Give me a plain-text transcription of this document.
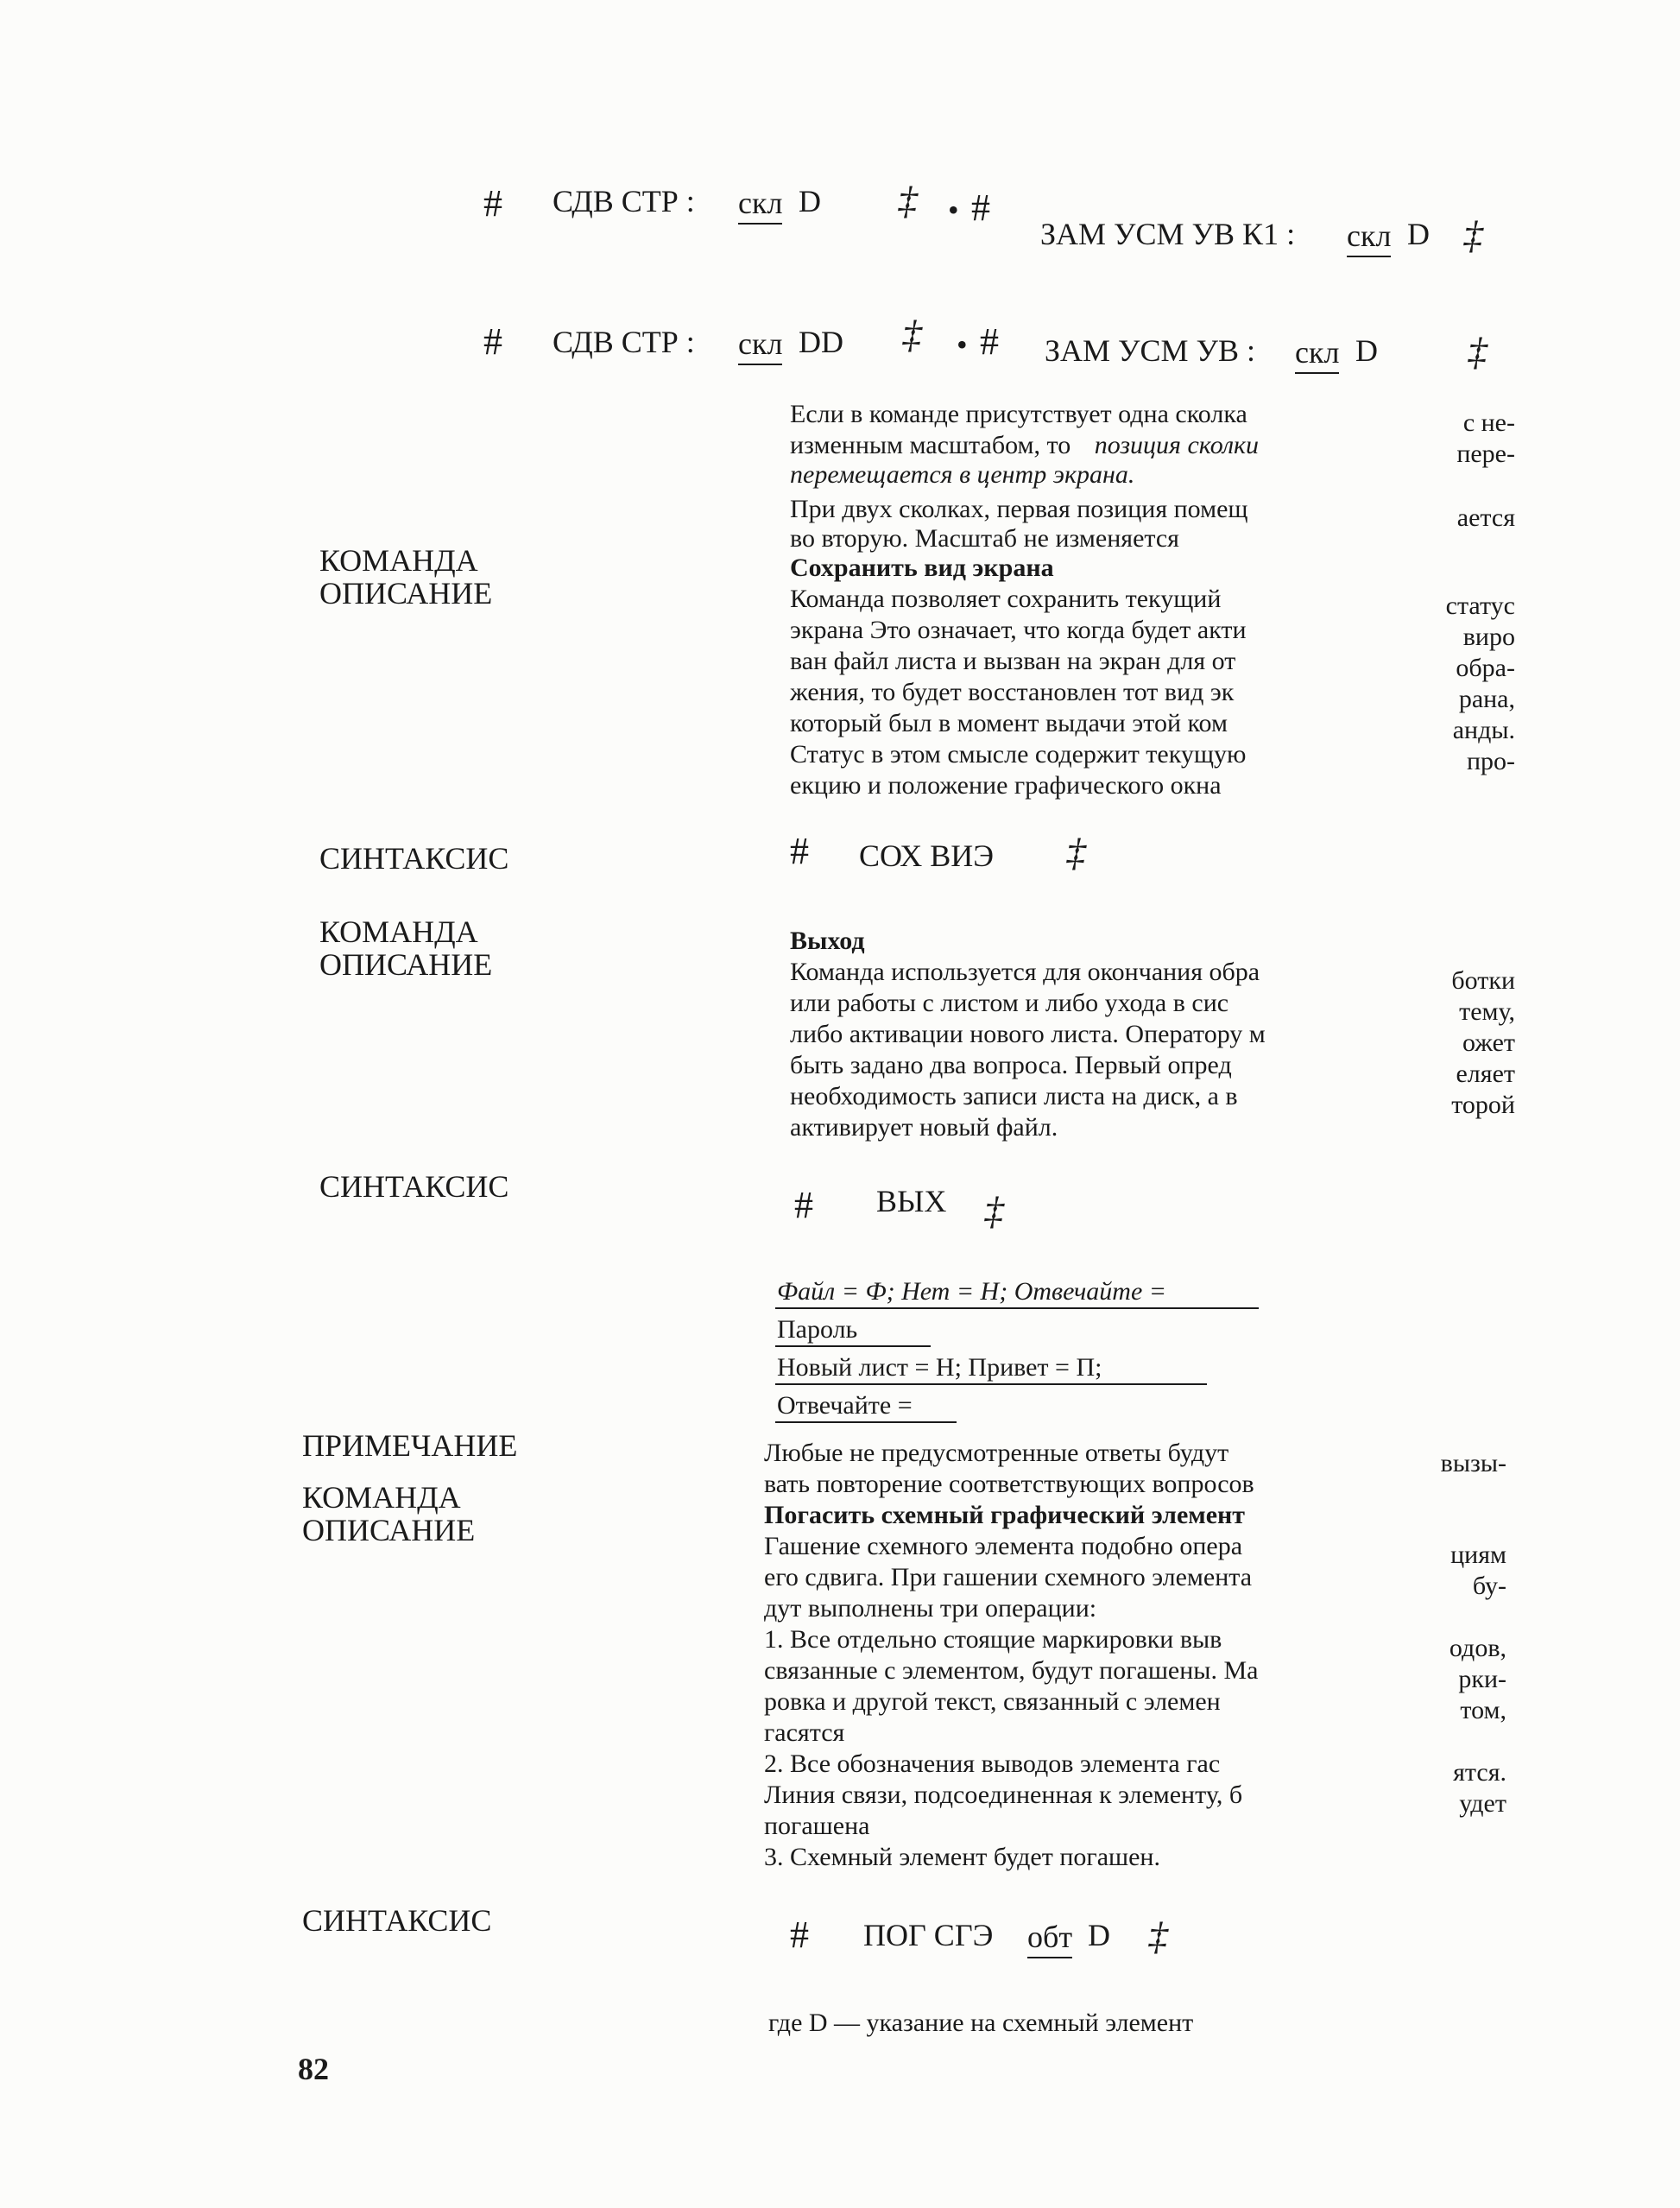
# СДВ СТР : скл D ‡ • #
ЗАМ УСМ УВ К1 : скл D ‡
# СДВ СТР : скл DD ‡ • # ЗАМ УСМ УВ : скл D ‡
Если в команде присутствует одна сколка
изменным масштабом, то позиция сколки
перемещается в центр экрана.
При двух сколках, первая позиция помещ
во вторую. Масштаб не изменяется
с не-
пере-
ается
КОМАНДА
ОПИСАНИЕ
Сохранить вид экрана
Команда позволяет сохранить текущий
экрана Это означает, что когда будет акти
ван файл листа и вызван на экран для от
жения, то будет восстановлен тот вид эк
который был в момент выдачи этой ком
Статус в этом смысле содержит текущую
екцию и положение графического окна
статус
виро
обра-
рана,
анды.
про-
СИНТАКСИС	# СОХ ВИЭ ‡
КОМАНДА
ОПИСАНИЕ
Выход
Команда используется для окончания обра
или работы с листом и либо ухода в сис
либо активации нового листа. Оператору м
быть задано два вопроса. Первый опред
необходимость записи листа на диск, а в
активирует новый файл.
ботки
тему,
ожет
еляет
торой
СИНТАКСИС	# ВЫХ ‡
Файл = Ф; Нет = Н; Отвечайте =
Пароль
Новый лист = Н; Привет = П;
Отвечайте =
ПРИМЕЧАНИЕ	Любые не предусмотренные ответы будут
вать повторение соответствующих вопросов
вызы-
КОМАНДА
ОПИСАНИЕ	Погасить схемный графический элемент
Гашение схемного элемента подобно опера
его сдвига. При гашении схемного элемента
дут выполнены три операции:
1. Все отдельно стоящие маркировки выв
связанные с элементом, будут погашены. Ма
ровка и другой текст, связанный с элемен
гасятся
2. Все обозначения выводов элемента гас
Линия связи, подсоединенная к элементу, б
погашена
3. Схемный элемент будет погашен.
циям
бу-
одов,
рки-
том,
ятся.
удет
СИНТАКСИС	# ПОГ СГЭ обт D ‡
где D — указание на схемный элемент
82
